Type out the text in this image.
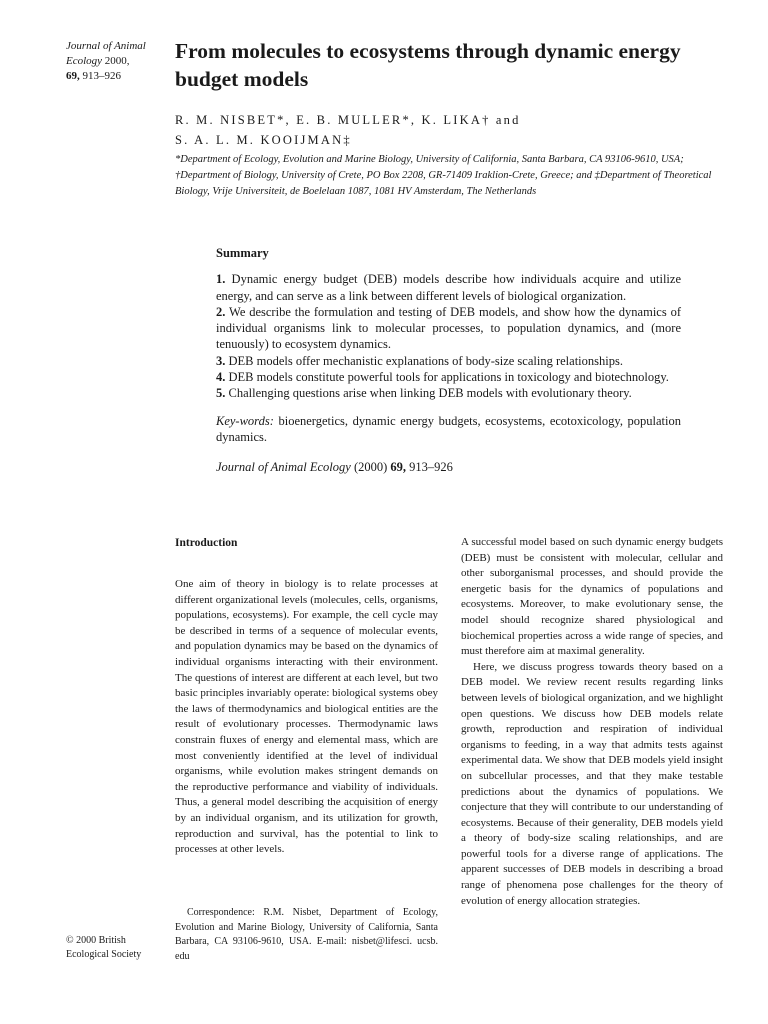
Journal of Animal Ecology 2000,
69, 913–926
From molecules to ecosystems through dynamic energy budget models
R. M. NISBET*, E. B. MULLER*, K. LIKA† and
S. A. L. M. KOOIJMAN‡
*Department of Ecology, Evolution and Marine Biology, University of California, Santa Barbara, CA 93106-9610, USA; †Department of Biology, University of Crete, PO Box 2208, GR-71409 Iraklion-Crete, Greece; and ‡Department of Theoretical Biology, Vrije Universiteit, de Boelelaan 1087, 1081 HV Amsterdam, The Netherlands
Summary

1. Dynamic energy budget (DEB) models describe how individuals acquire and utilize energy, and can serve as a link between different levels of biological organization.

2. We describe the formulation and testing of DEB models, and show how the dynamics of individual organisms link to molecular processes, to population dynamics, and (more tenuously) to ecosystem dynamics.

3. DEB models offer mechanistic explanations of body-size scaling relationships.

4. DEB models constitute powerful tools for applications in toxicology and biotechnology.

5. Challenging questions arise when linking DEB models with evolutionary theory.

Key-words: bioenergetics, dynamic energy budgets, ecosystems, ecotoxicology, population dynamics.

Journal of Animal Ecology (2000) 69, 913–926

Introduction

One aim of theory in biology is to relate processes at different organizational levels (molecules, cells, organisms, populations, ecosystems). For example, the cell cycle may be described in terms of a sequence of molecular events, and population dynamics may be based on the dynamics of individual organisms interacting with their environment. The questions of interest are different at each level, but two basic principles invariably operate: biological systems obey the laws of thermodynamics and biological entities are the result of evolutionary processes. Thermodynamic laws constrain fluxes of energy and elemental mass, which are most conveniently identified at the level of individual organisms, while evolution makes stringent demands on the reproductive performance and viability of individuals. Thus, a general model describing the acquisition of energy by an individual organism, and its utilization for growth, reproduction and survival, has the potential to link to processes at other levels.

A successful model based on such dynamic energy budgets (DEB) must be consistent with molecular, cellular and other suborganismal processes, and should provide the energetic basis for the dynamics of populations and ecosystems. Moreover, to make evolutionary sense, the model should recognize shared physiological and biochemical properties across a wide range of species, and must therefore aim at maximal generality.

Here, we discuss progress towards theory based on a DEB model. We review recent results regarding links between levels of biological organization, and we highlight open questions. We discuss how DEB models relate growth, reproduction and respiration of individual organisms to feeding, in a way that admits tests against experimental data. We show that DEB models yield insight on subcellular processes, and that they make testable predictions about the dynamics of populations. We conjecture that they will contribute to our understanding of ecosystems. Because of their generality, DEB models yield a theory of body-size scaling relationships, and are powerful tools for a diverse range of applications. The apparent successes of DEB models in describing a broad range of phenomena pose challenges for the theory of evolution of energy allocation strategies.

Correspondence: R.M. Nisbet, Department of Ecology, Evolution and Marine Biology, University of California, Santa Barbara, CA 93106-9610, USA. E-mail: nisbet@lifesci. ucsb. edu
© 2000 British
Ecological Society
